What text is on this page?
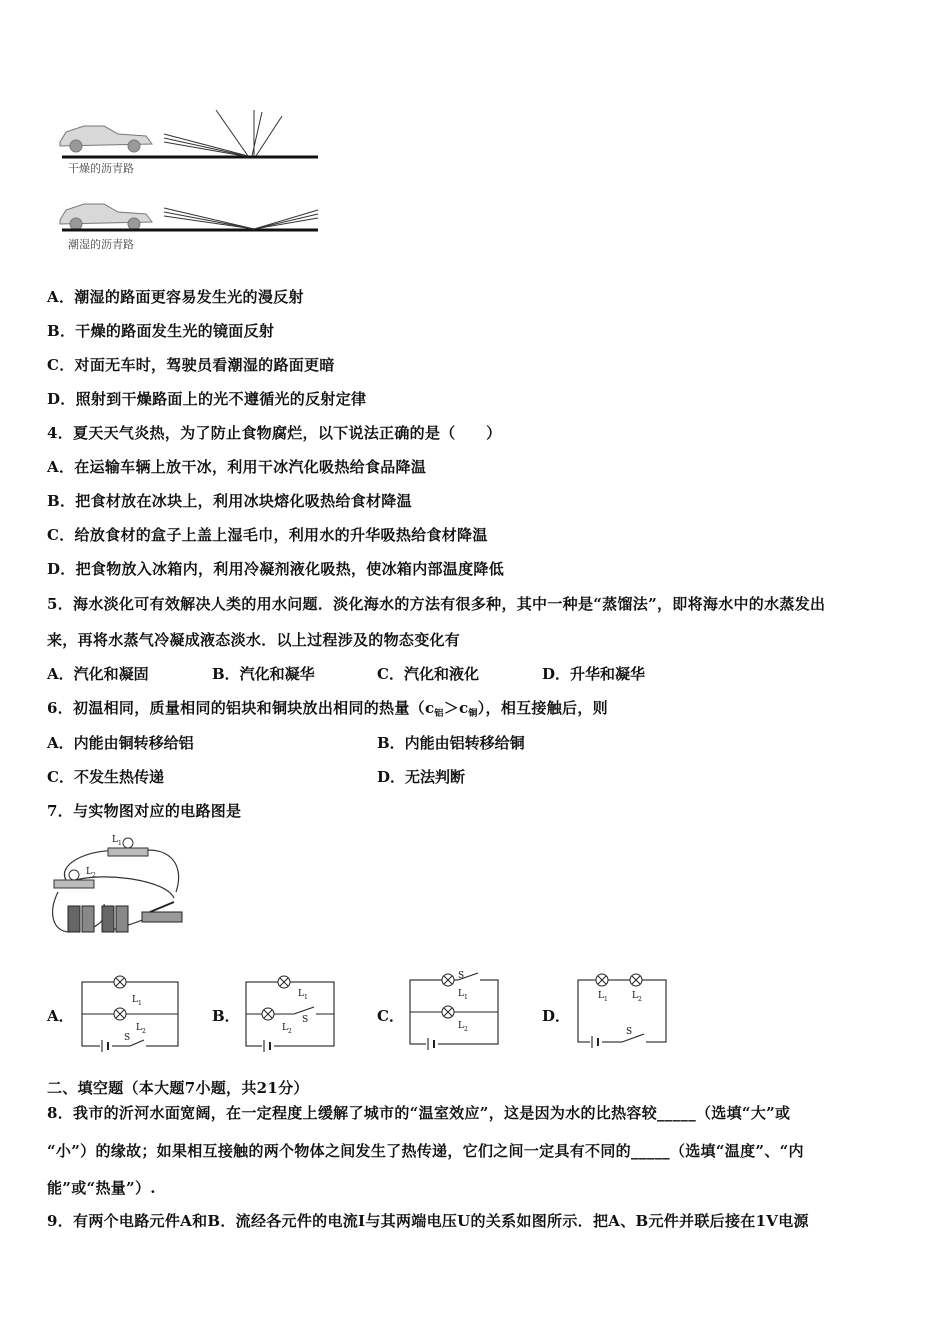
干燥的沥青路
潮湿的沥青路
A．潮湿的路面更容易发生光的漫反射
B．干燥的路面发生光的镜面反射
C．对面无车时，驾驶员看潮湿的路面更暗
D．照射到干燥路面上的光不遵循光的反射定律
4．夏天天气炎热，为了防止食物腐烂，以下说法正确的是（　　）
A．在运输车辆上放干冰，利用干冰汽化吸热给食品降温
B．把食材放在冰块上，利用冰块熔化吸热给食材降温
C．给放食材的盒子上盖上湿毛巾，利用水的升华吸热给食材降温
D．把食物放入冰箱内，利用冷凝剂液化吸热，使冰箱内部温度降低
5．海水淡化可有效解决人类的用水问题．淡化海水的方法有很多种，其中一种是“蒸馏法”，即将海水中的水蒸发出
来，再将水蒸气冷凝成液态淡水．以上过程涉及的物态变化有
A．汽化和凝固	B．汽化和凝华	C．汽化和液化	D．升华和凝华
6．初温相同，质量相同的铝块和铜块放出相同的热量$(c_铝>c_铜)$，相互接触后，则
A．内能由铜转移给铝	B．内能由铝转移给铜
C．不发生热传递	D．无法判断
7．与实物图对应的电路图是
L 1
L 2
A．	B．	C．	D．
S
L 1
L 2
S
L 1
L 2
S
L 1
L 2	S
L 1	L 2
二、填空题（本大题7小题，共21分）
8．我市的沂河水面宽阔，在一定程度上缓解了城市的“温室效应”，这是因为水的比热容较_____（选填“大”或
“小”）的缘故；如果相互接触的两个物体之间发生了热传递，它们之间一定具有不同的_____（选填“温度”、“内
能”或“热量”）.
9．有两个电路元件A和B．流经各元件的电流I与其两端电压U的关系如图所示．把A、B元件并联后接在1V电源
